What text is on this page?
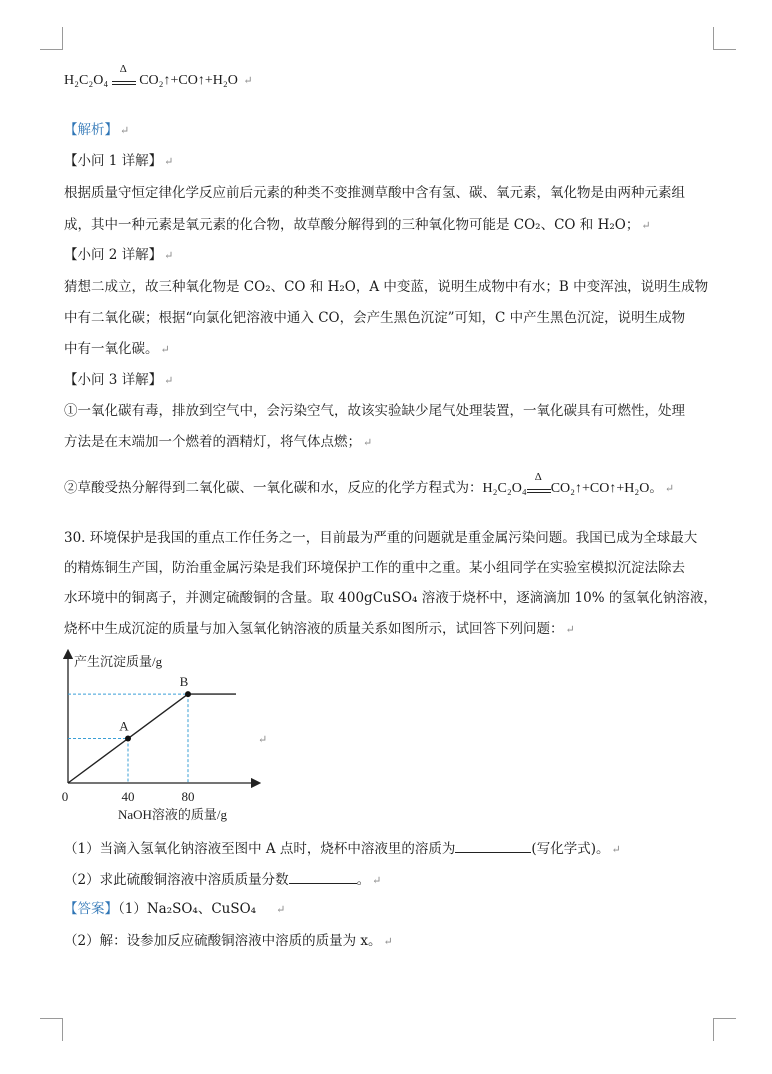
H₂C₂O₄
Δ
CO₂↑+CO↑+H₂O ↵
【解析】 ↵
【小问 1 详解】 ↵
根据质量守恒定律化学反应前后元素的种类不变推测草酸中含有氢、碳、氧元素，氧化物是由两种元素组
成，其中一种元素是氧元素的化合物，故草酸分解得到的三种氧化物可能是 CO₂、CO 和 H₂O； ↵
【小问 2 详解】 ↵
猜想二成立，故三种氧化物是 CO₂、CO 和 H₂O，A 中变蓝，说明生成物中有水；B 中变浑浊，说明生成物
中有二氧化碳；根据“向氯化钯溶液中通入 CO，会产生黑色沉淀”可知，C 中产生黑色沉淀，说明生成物
中有一氧化碳。 ↵
【小问 3 详解】 ↵
①一氧化碳有毒，排放到空气中，会污染空气，故该实验缺少尾气处理装置，一氧化碳具有可燃性，处理
方法是在末端加一个燃着的酒精灯，将气体点燃； ↵
②草酸受热分解得到二氧化碳、一氧化碳和水，反应的化学方程式为：H₂C₂O₄
Δ
CO₂↑+CO↑+H₂O。 ↵
30. 环境保护是我国的重点工作任务之一，目前最为严重的问题就是重金属污染问题。我国已成为全球最大
的精炼铜生产国，防治重金属污染是我们环境保护工作的重中之重。某小组同学在实验室模拟沉淀法除去
水环境中的铜离子，并测定硫酸铜的含量。取 400gCuSO₄ 溶液于烧杯中，逐滴滴加 10% 的氢氧化钠溶液，
烧杯中生成沉淀的质量与加入氢氧化钠溶液的质量关系如图所示，试回答下列问题： ↵
产生沉淀质量/g
NaOH溶液的质量/g
0	40	80
A
B
↵
（1）当滴入氢氧化钠溶液至图中 A 点时，烧杯中溶液里的溶质为	(写化学式)。 ↵
（2）求此硫酸铜溶液中溶质质量分数	。 ↵
【答案】（1）Na₂SO₄、CuSO₄ ↵
（2）解：设参加反应硫酸铜溶液中溶质的质量为 x。 ↵
